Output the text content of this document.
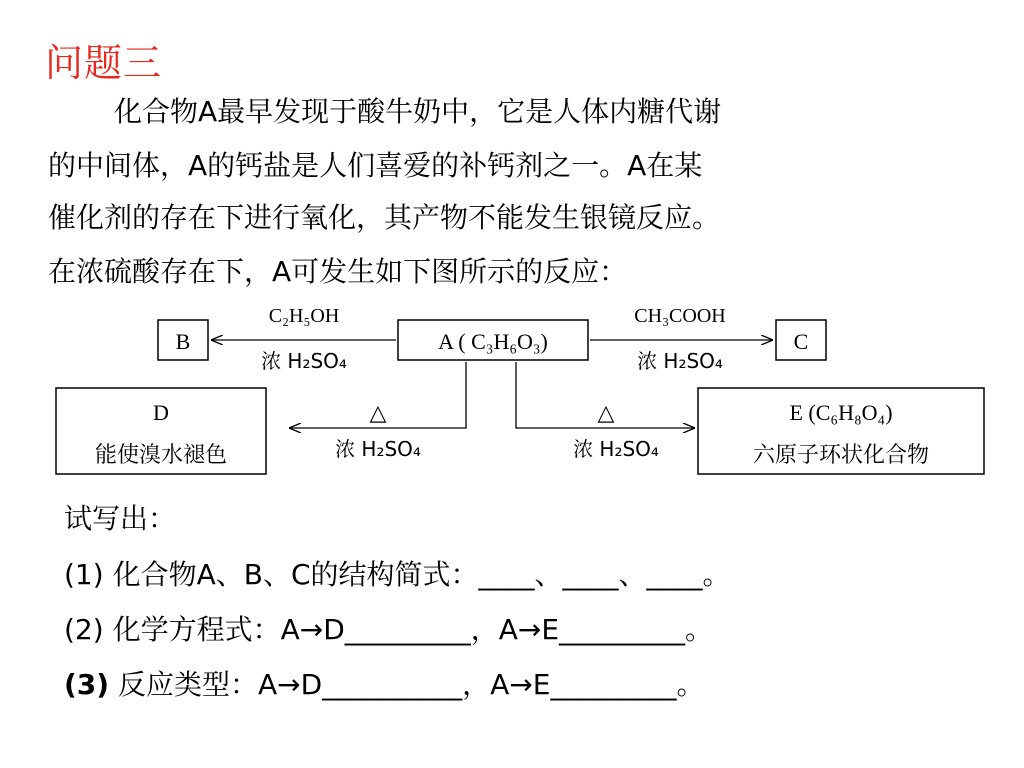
问题三
化合物A最早发现于酸牛奶中，它是人体内糖代谢
的中间体，A的钙盐是人们喜爱的补钙剂之一。A在某
催化剂的存在下进行氧化，其产物不能发生银镜反应。
在浓硫酸存在下，A可发生如下图所示的反应：
B	A ( C₃H₆O₃)	C
D
能使溴水褪色
E (C₆H₈O₄)
六原子环状化合物
C₂H₅OH
浓 H₂SO₄
CH₃COOH
浓 H₂SO₄
△
浓 H₂SO₄
△
浓 H₂SO₄
试写出：
(1) 化合物A、B、C的结构简式：____、____、____。
(2) 化学方程式：A→D_________，A→E_________。
(3) 反应类型：A→D__________，A→E_________。
